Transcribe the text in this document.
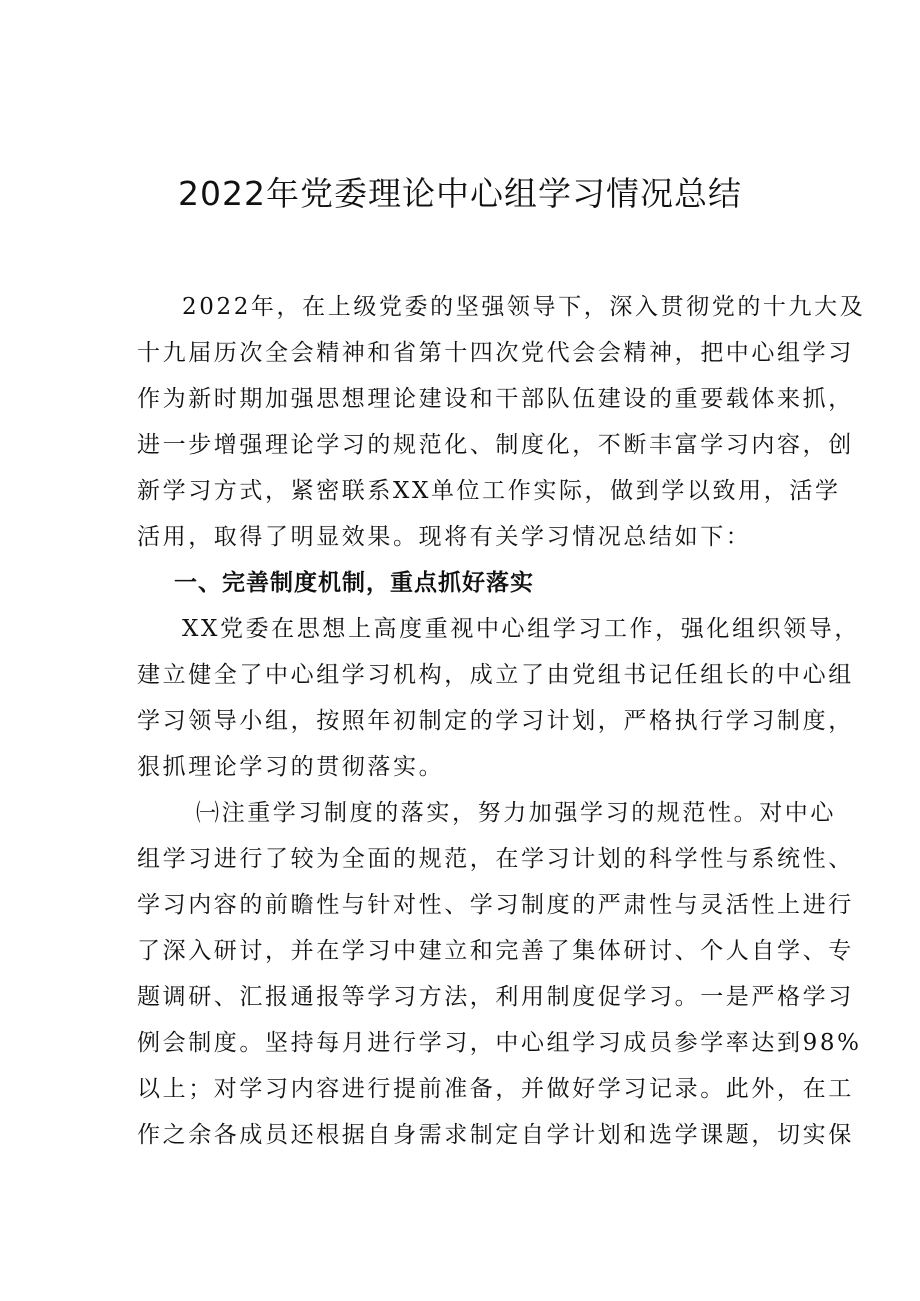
2022年党委理论中心组学习情况总结
2022年，在上级党委的坚强领导下，深入贯彻党的十九大及
十九届历次全会精神和省第十四次党代会会精神，把中心组学习
作为新时期加强思想理论建设和干部队伍建设的重要载体来抓，
进一步增强理论学习的规范化、制度化，不断丰富学习内容，创
新学习方式，紧密联系XX单位工作实际，做到学以致用，活学
活用，取得了明显效果。现将有关学习情况总结如下：
一、完善制度机制，重点抓好落实
XX党委在思想上高度重视中心组学习工作，强化组织领导，
建立健全了中心组学习机构，成立了由党组书记任组长的中心组
学习领导小组，按照年初制定的学习计划，严格执行学习制度，
狠抓理论学习的贯彻落实。
㈠注重学习制度的落实，努力加强学习的规范性。对中心
组学习进行了较为全面的规范，在学习计划的科学性与系统性、
学习内容的前瞻性与针对性、学习制度的严肃性与灵活性上进行
了深入研讨，并在学习中建立和完善了集体研讨、个人自学、专
题调研、汇报通报等学习方法，利用制度促学习。一是严格学习
例会制度。坚持每月进行学习，中心组学习成员参学率达到98%
以上；对学习内容进行提前准备，并做好学习记录。此外，在工
作之余各成员还根据自身需求制定自学计划和选学课题，切实保
